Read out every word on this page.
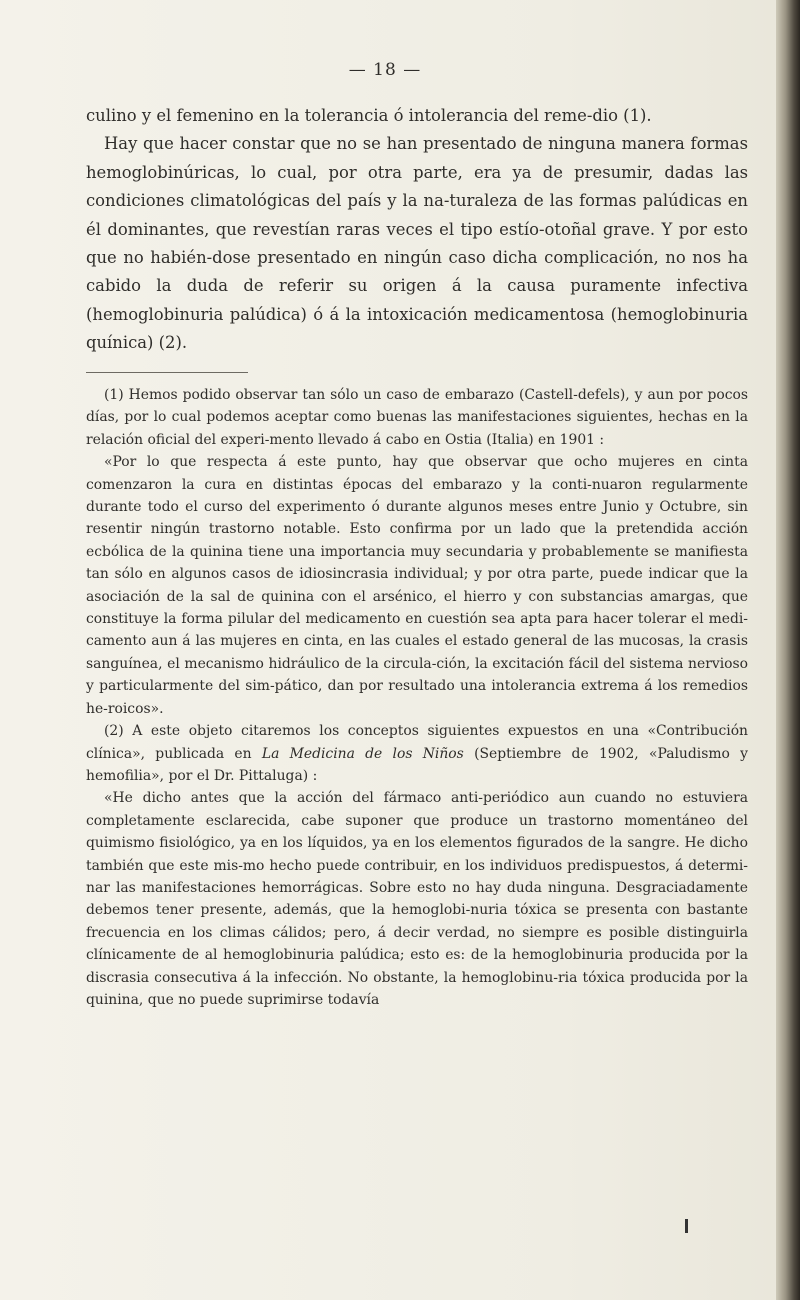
— 18 —

culino y el femenino en la tolerancia ó intolerancia del reme-dio (1).

Hay que hacer constar que no se han presentado de ninguna manera formas hemoglobinúricas, lo cual, por otra parte, era ya de presumir, dadas las condiciones climatológicas del país y la na-turaleza de las formas palúdicas en él dominantes, que revestían raras veces el tipo estío-otoñal grave. Y por esto que no habién-dose presentado en ningún caso dicha complicación, no nos ha cabido la duda de referir su origen á la causa puramente infectiva (hemoglobinuria palúdica) ó á la intoxicación medicamentosa (hemoglobinuria quínica) (2).

(1) Hemos podido observar tan sólo un caso de embarazo (Castell-defels), y aun por pocos días, por lo cual podemos aceptar como buenas las manifestaciones siguientes, hechas en la relación oficial del experi-mento llevado á cabo en Ostia (Italia) en 1901 :

«Por lo que respecta á este punto, hay que observar que ocho mujeres en cinta comenzaron la cura en distintas épocas del embarazo y la conti-nuaron regularmente durante todo el curso del experimento ó durante algunos meses entre Junio y Octubre, sin resentir ningún trastorno notable. Esto confirma por un lado que la pretendida acción ecbólica de la quinina tiene una importancia muy secundaria y probablemente se manifiesta tan sólo en algunos casos de idiosincrasia individual; y por otra parte, puede indicar que la asociación de la sal de quinina con el arsénico, el hierro y con substancias amargas, que constituye la forma pilular del medicamento en cuestión sea apta para hacer tolerar el medi-camento aun á las mujeres en cinta, en las cuales el estado general de las mucosas, la crasis sanguínea, el mecanismo hidráulico de la circula-ción, la excitación fácil del sistema nervioso y particularmente del sim-pático, dan por resultado una intolerancia extrema á los remedios he-roicos».

(2) A este objeto citaremos los conceptos siguientes expuestos en una «Contribución clínica», publicada en La Medicina de los Niños (Septiembre de 1902, «Paludismo y hemofilia», por el Dr. Pittaluga) :

«He dicho antes que la acción del fármaco anti-periódico aun cuando no estuviera completamente esclarecida, cabe suponer que produce un trastorno momentáneo del quimismo fisiológico, ya en los líquidos, ya en los elementos figurados de la sangre. He dicho también que este mis-mo hecho puede contribuir, en los individuos predispuestos, á determi-nar las manifestaciones hemorrágicas. Sobre esto no hay duda ninguna. Desgraciadamente debemos tener presente, además, que la hemoglobi-nuria tóxica se presenta con bastante frecuencia en los climas cálidos; pero, á decir verdad, no siempre es posible distinguirla clínicamente de al hemoglobinuria palúdica; esto es: de la hemoglobinuria producida por la discrasia consecutiva á la infección. No obstante, la hemoglobinu-ria tóxica producida por la quinina, que no puede suprimirse todavía
